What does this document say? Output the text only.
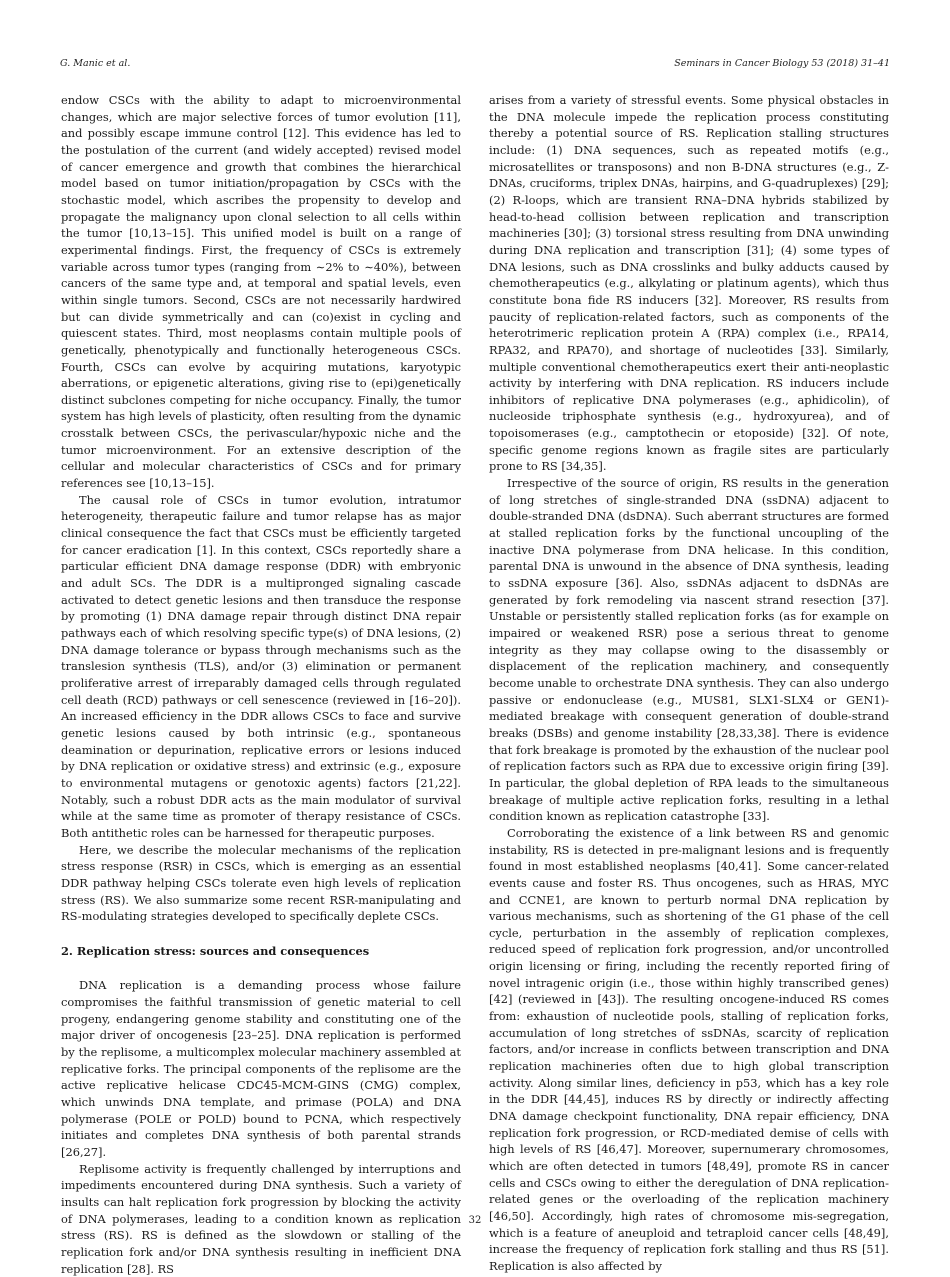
G. Manic et al.	Seminars in Cancer Biology 53 (2018) 31–41

endow CSCs with the ability to adapt to microenvironmental changes, which are major selective forces of tumor evolution [11], and possibly escape immune control [12]. This evidence has led to the postulation of the current (and widely accepted) revised model of cancer emergence and growth that combines the hierarchical model based on tumor initiation/propagation by CSCs with the stochastic model, which ascribes the propensity to develop and propagate the malignancy upon clonal selection to all cells within the tumor [10,13–15]. This unified model is built on a range of experimental findings. First, the frequency of CSCs is extremely variable across tumor types (ranging from ∼2% to ∼40%), between cancers of the same type and, at temporal and spatial levels, even within single tumors. Second, CSCs are not necessarily hardwired but can divide symmetrically and can (co)exist in cycling and quiescent states. Third, most neoplasms contain multiple pools of genetically, phenotypically and functionally heterogeneous CSCs. Fourth, CSCs can evolve by acquiring mutations, karyotypic aberrations, or epigenetic alterations, giving rise to (epi)genetically distinct subclones competing for niche occupancy. Finally, the tumor system has high levels of plasticity, often resulting from the dynamic crosstalk between CSCs, the perivascular/hypoxic niche and the tumor microenvironment. For an extensive description of the cellular and molecular characteristics of CSCs and for primary references see [10,13–15].

The causal role of CSCs in tumor evolution, intratumor heterogeneity, therapeutic failure and tumor relapse has as major clinical consequence the fact that CSCs must be efficiently targeted for cancer eradication [1]. In this context, CSCs reportedly share a particular efficient DNA damage response (DDR) with embryonic and adult SCs. The DDR is a multipronged signaling cascade activated to detect genetic lesions and then transduce the response by promoting (1) DNA damage repair through distinct DNA repair pathways each of which resolving specific type(s) of DNA lesions, (2) DNA damage tolerance or bypass through mechanisms such as the translesion synthesis (TLS), and/or (3) elimination or permanent proliferative arrest of irreparably damaged cells through regulated cell death (RCD) pathways or cell senescence (reviewed in [16–20]). An increased efficiency in the DDR allows CSCs to face and survive genetic lesions caused by both intrinsic (e.g., spontaneous deamination or depurination, replicative errors or lesions induced by DNA replication or oxidative stress) and extrinsic (e.g., exposure to environmental mutagens or genotoxic agents) factors [21,22]. Notably, such a robust DDR acts as the main modulator of survival while at the same time as promoter of therapy resistance of CSCs. Both antithetic roles can be harnessed for therapeutic purposes.

Here, we describe the molecular mechanisms of the replication stress response (RSR) in CSCs, which is emerging as an essential DDR pathway helping CSCs tolerate even high levels of replication stress (RS). We also summarize some recent RSR-manipulating and RS-modulating strategies developed to specifically deplete CSCs.

2. Replication stress: sources and consequences

DNA replication is a demanding process whose failure compromises the faithful transmission of genetic material to cell progeny, endangering genome stability and constituting one of the major driver of oncogenesis [23–25]. DNA replication is performed by the replisome, a multicomplex molecular machinery assembled at replicative forks. The principal components of the replisome are the active replicative helicase CDC45-MCM-GINS (CMG) complex, which unwinds DNA template, and primase (POLA) and DNA polymerase (POLE or POLD) bound to PCNA, which respectively initiates and completes DNA synthesis of both parental strands [26,27].

Replisome activity is frequently challenged by interruptions and impediments encountered during DNA synthesis. Such a variety of insults can halt replication fork progression by blocking the activity of DNA polymerases, leading to a condition known as replication stress (RS). RS is defined as the slowdown or stalling of the replication fork and/or DNA synthesis resulting in inefficient DNA replication [28]. RS

arises from a variety of stressful events. Some physical obstacles in the DNA molecule impede the replication process constituting thereby a potential source of RS. Replication stalling structures include: (1) DNA sequences, such as repeated motifs (e.g., microsatellites or transposons) and non B-DNA structures (e.g., Z-DNAs, cruciforms, triplex DNAs, hairpins, and G-quadruplexes) [29]; (2) R-loops, which are transient RNA–DNA hybrids stabilized by head-to-head collision between replication and transcription machineries [30]; (3) torsional stress resulting from DNA unwinding during DNA replication and transcription [31]; (4) some types of DNA lesions, such as DNA crosslinks and bulky adducts caused by chemotherapeutics (e.g., alkylating or platinum agents), which thus constitute bona fide RS inducers [32]. Moreover, RS results from paucity of replication-related factors, such as components of the heterotrimeric replication protein A (RPA) complex (i.e., RPA14, RPA32, and RPA70), and shortage of nucleotides [33]. Similarly, multiple conventional chemotherapeutics exert their anti-neoplastic activity by interfering with DNA replication. RS inducers include inhibitors of replicative DNA polymerases (e.g., aphidicolin), of nucleoside triphosphate synthesis (e.g., hydroxyurea), and of topoisomerases (e.g., camptothecin or etoposide) [32]. Of note, specific genome regions known as fragile sites are particularly prone to RS [34,35].

Irrespective of the source of origin, RS results in the generation of long stretches of single-stranded DNA (ssDNA) adjacent to double-stranded DNA (dsDNA). Such aberrant structures are formed at stalled replication forks by the functional uncoupling of the inactive DNA polymerase from DNA helicase. In this condition, parental DNA is unwound in the absence of DNA synthesis, leading to ssDNA exposure [36]. Also, ssDNAs adjacent to dsDNAs are generated by fork remodeling via nascent strand resection [37]. Unstable or persistently stalled replication forks (as for example on impaired or weakened RSR) pose a serious threat to genome integrity as they may collapse owing to the disassembly or displacement of the replication machinery, and consequently become unable to orchestrate DNA synthesis. They can also undergo passive or endonuclease (e.g., MUS81, SLX1-SLX4 or GEN1)-mediated breakage with consequent generation of double-strand breaks (DSBs) and genome instability [28,33,38]. There is evidence that fork breakage is promoted by the exhaustion of the nuclear pool of replication factors such as RPA due to excessive origin firing [39]. In particular, the global depletion of RPA leads to the simultaneous breakage of multiple active replication forks, resulting in a lethal condition known as replication catastrophe [33].

Corroborating the existence of a link between RS and genomic instability, RS is detected in pre-malignant lesions and is frequently found in most established neoplasms [40,41]. Some cancer-related events cause and foster RS. Thus oncogenes, such as HRAS, MYC and CCNE1, are known to perturb normal DNA replication by various mechanisms, such as shortening of the G1 phase of the cell cycle, perturbation in the assembly of replication complexes, reduced speed of replication fork progression, and/or uncontrolled origin licensing or firing, including the recently reported firing of novel intragenic origin (i.e., those within highly transcribed genes) [42] (reviewed in [43]). The resulting oncogene-induced RS comes from: exhaustion of nucleotide pools, stalling of replication forks, accumulation of long stretches of ssDNAs, scarcity of replication factors, and/or increase in conflicts between transcription and DNA replication machineries often due to high global transcription activity. Along similar lines, deficiency in p53, which has a key role in the DDR [44,45], induces RS by directly or indirectly affecting DNA damage checkpoint functionality, DNA repair efficiency, DNA replication fork progression, or RCD-mediated demise of cells with high levels of RS [46,47]. Moreover, supernumerary chromosomes, which are often detected in tumors [48,49], promote RS in cancer cells and CSCs owing to either the deregulation of DNA replication-related genes or the overloading of the replication machinery [46,50]. Accordingly, high rates of chromosome mis-segregation, which is a feature of aneuploid and tetraploid cancer cells [48,49], increase the frequency of replication fork stalling and thus RS [51]. Replication is also affected by

32
